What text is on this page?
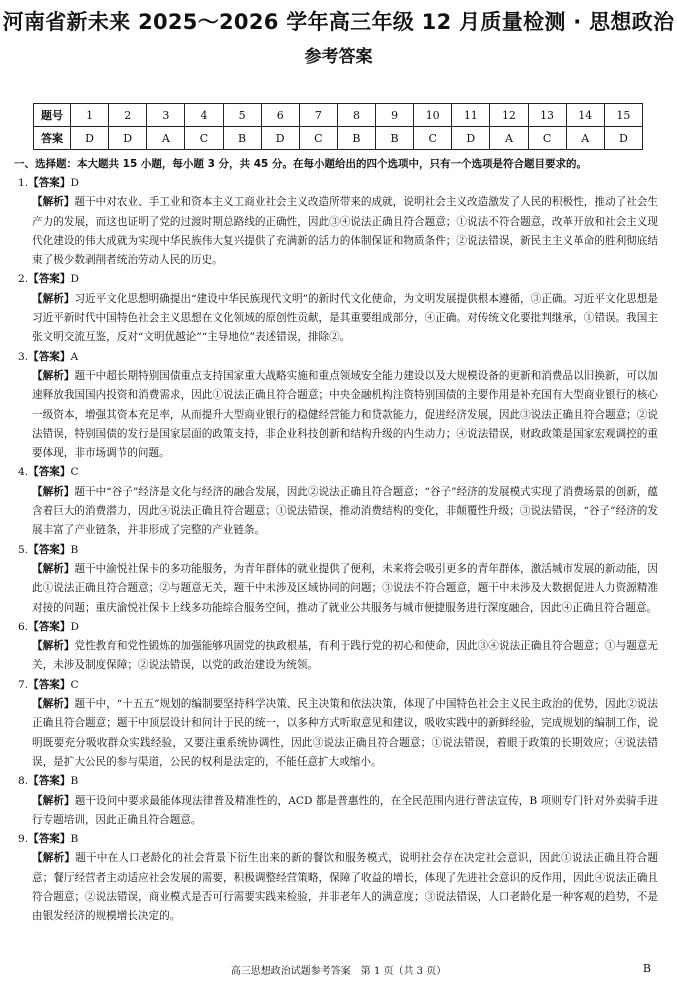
河南省新未来 2025～2026 学年高三年级 12 月质量检测 · 思想政治
参考答案
题号	1	2	3	4	5	6	7	8	9	10	11	12	13	14	15
答案	D	D	A	C	B	D	C	B	B	C	D	A	C	A	D
一、选择题：本大题共 15 小题，每小题 3 分，共 45 分。在每小题给出的四个选项中，只有一个选项是符合题目要求的。
1.【答案】D
【解析】题干中对农业、手工业和资本主义工商业社会主义改造所带来的成就，说明社会主义改造激发了人民的积极性，推动了社会生产力的发展，而这也证明了党的过渡时期总路线的正确性，因此③④说法正确且符合题意；①说法不符合题意，改革开放和社会主义现代化建设的伟大成就为实现中华民族伟大复兴提供了充满新的活力的体制保证和物质条件；②说法错误，新民主主义革命的胜利彻底结束了极少数剥削者统治劳动人民的历史。
2.【答案】D
【解析】习近平文化思想明确提出“建设中华民族现代文明”的新时代文化使命，为文明发展提供根本遵循，③正确。习近平文化思想是习近平新时代中国特色社会主义思想在文化领域的原创性贡献，是其重要组成部分，④正确。对传统文化要批判继承，①错误。我国主张文明交流互鉴，反对“文明优越论”“主导地位”表述错误，排除②。
3.【答案】A
【解析】题干中超长期特别国债重点支持国家重大战略实施和重点领域安全能力建设以及大规模设备的更新和消费品以旧换新，可以加速释放我国国内投资和消费需求，因此①说法正确且符合题意；中央金融机构注资特别国债的主要作用是补充国有大型商业银行的核心一级资本，增强其资本充足率，从而提升大型商业银行的稳健经营能力和贷款能力，促进经济发展，因此③说法正确且符合题意；②说法错误，特别国债的发行是国家层面的政策支持，非企业科技创新和结构升级的内生动力；④说法错误，财政政策是国家宏观调控的重要体现，非市场调节的问题。
4.【答案】C
【解析】题干中“谷子”经济是文化与经济的融合发展，因此②说法正确且符合题意；“谷子”经济的发展模式实现了消费场景的创新，蕴含着巨大的消费潜力，因此④说法正确且符合题意；①说法错误，推动消费结构的变化，非颠覆性升级；③说法错误，“谷子”经济的发展丰富了产业链条，并非形成了完整的产业链条。
5.【答案】B
【解析】题干中渝悦社保卡的多功能服务，为青年群体的就业提供了便利，未来将会吸引更多的青年群体，激活城市发展的新动能，因此①说法正确且符合题意；②与题意无关，题干中未涉及区域协同的问题；③说法不符合题意，题干中未涉及大数据促进人力资源精准对接的问题；重庆渝悦社保卡上线多功能综合服务空间，推动了就业公共服务与城市便捷服务进行深度融合，因此④正确且符合题意。
6.【答案】D
【解析】党性教育和党性锻炼的加强能够巩固党的执政根基，有利于践行党的初心和使命，因此③④说法正确且符合题意；①与题意无关，未涉及制度保障；②说法错误，以党的政治建设为统领。
7.【答案】C
【解析】题干中，“十五五”规划的编制要坚持科学决策、民主决策和依法决策，体现了中国特色社会主义民主政治的优势，因此②说法正确且符合题意；题干中顶层设计和问计于民的统一，以多种方式听取意见和建议，吸收实践中的新鲜经验，完成规划的编制工作，说明既要充分吸收群众实践经验，又要注重系统协调性，因此③说法正确且符合题意；①说法错误，着眼于政策的长期效应；④说法错误，是扩大公民的参与渠道，公民的权利是法定的，不能任意扩大或缩小。
8.【答案】B
【解析】题干设问中要求最能体现法律普及精准性的，ACD 都是普惠性的，在全民范围内进行普法宣传，B 项则专门针对外卖骑手进行专题培训，因此正确且符合题意。
9.【答案】B
【解析】题干中在人口老龄化的社会背景下衍生出来的新的餐饮和服务模式，说明社会存在决定社会意识，因此①说法正确且符合题意；餐厅经营者主动适应社会发展的需要，积极调整经营策略，保障了收益的增长，体现了先进社会意识的反作用，因此④说法正确且符合题意；②说法错误，商业模式是否可行需要实践来检验，并非老年人的满意度；③说法错误，人口老龄化是一种客观的趋势，不是由银发经济的规模增长决定的。
高三思想政治试题参考答案　第 1 页（共 3 页）	B
